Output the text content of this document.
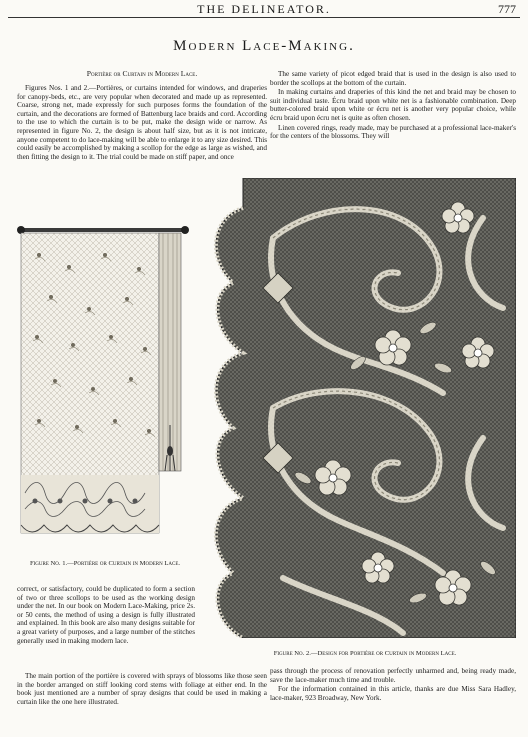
THE DELINEATOR.	777
Modern Lace-Making.

Portière or Curtain in Modern Lace.

Figures Nos. 1 and 2.—Portières, or curtains intended for windows, and draperies for canopy-beds, etc., are very popular when decorated and made up as represented. Coarse, strong net, made expressly for such purposes forms the foundation of the curtain, and the decorations are formed of Battenburg lace braids and cord. According to the use to which the curtain is to be put, make the design wide or narrow. As represented in figure No. 2, the design is about half size, but as it is not intricate, anyone competent to do lace-making will be able to enlarge it to any size desired. This could easily be accomplished by making a scollop for the edge as large as wished, and then fitting the design to it. The trial could be made on stiff paper, and once

Figure No. 1.—Portière or Curtain in Modern Lace.

correct, or satisfactory, could be duplicated to form a section of two or three scollops to be used as the working design under the net. In our book on Modern Lace-Making, price 2s. or 50 cents, the method of using a design is fully illustrated and explained. In this book are also many designs suitable for a great variety of purposes, and a large number of the stitches generally used in making modern lace.

The main portion of the portière is covered with sprays of blossoms like those seen in the border arranged on stiff looking cord stems with foliage at either end. In the book just mentioned are a number of spray designs that could be used in making a curtain like the one here illustrated.

The same variety of picot edged braid that is used in the design is also used to border the scollops at the bottom of the curtain.

In making curtains and draperies of this kind the net and braid may be chosen to suit individual taste. Écru braid upon white net is a fashionable combination. Deep butter-colored braid upon white or écru net is another very popular choice, while écru braid upon écru net is quite as often chosen.

Linen covered rings, ready made, may be purchased at a professional lace-maker's for the centers of the blossoms. They will

Figure No. 2.—Design for Portière or Curtain in Modern Lace.

pass through the process of renovation perfectly unharmed and, being ready made, save the lace-maker much time and trouble.

For the information contained in this article, thanks are due Miss Sara Hadley, lace-maker, 923 Broadway, New York.
